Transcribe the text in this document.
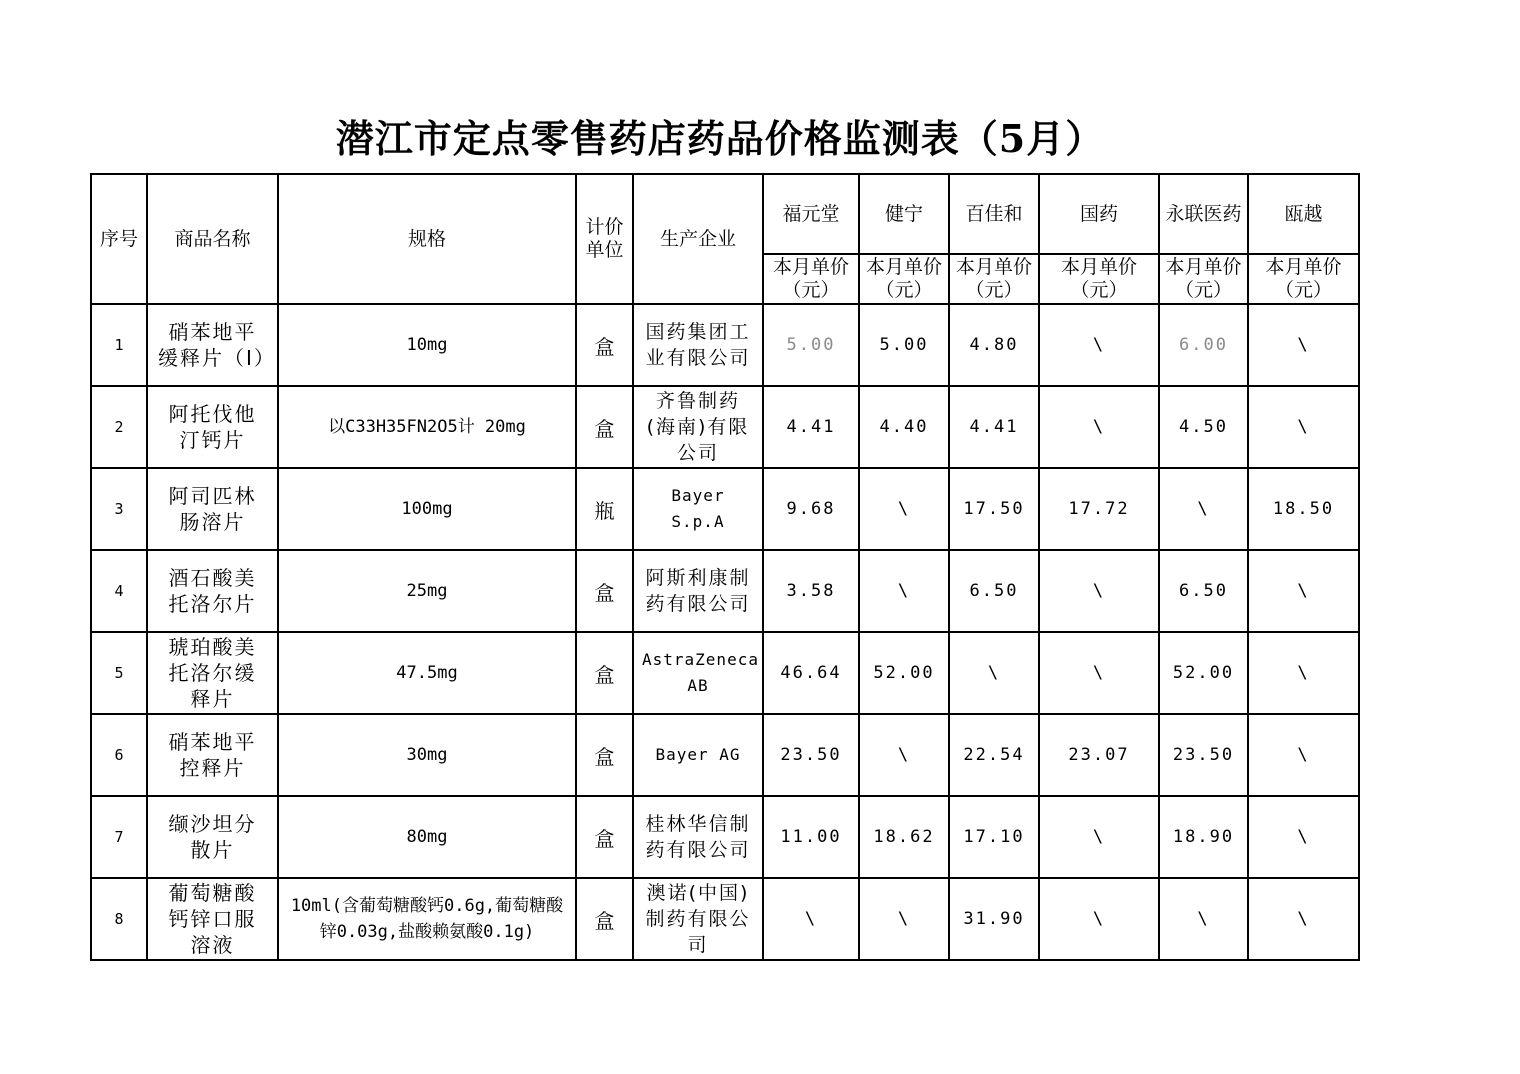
潜江市定点零售药店药品价格监测表（5月）
序号	商品名称	规格	计价单位	生产企业	福元堂	健宁	百佳和	国药	永联医药	瓯越
					本月单价（元）	本月单价（元）	本月单价（元）	本月单价（元）	本月单价（元）	本月单价（元）
1	硝苯地平缓释片（I）	10mg	盒	国药集团工业有限公司	5.00	5.00	4.80	\	6.00	\
2	阿托伐他汀钙片	以C33H35FN2O5计 20mg	盒	齐鲁制药(海南)有限公司	4.41	4.40	4.41	\	4.50	\
3	阿司匹林肠溶片	100mg	瓶	Bayer S.p.A	9.68	\	17.50	17.72	\	18.50
4	酒石酸美托洛尔片	25mg	盒	阿斯利康制药有限公司	3.58	\	6.50	\	6.50	\
5	琥珀酸美托洛尔缓释片	47.5mg	盒	AstraZeneca AB	46.64	52.00	\	\	52.00	\
6	硝苯地平控释片	30mg	盒	Bayer AG	23.50	\	22.54	23.07	23.50	\
7	缬沙坦分散片	80mg	盒	桂林华信制药有限公司	11.00	18.62	17.10	\	18.90	\
8	葡萄糖酸钙锌口服溶液	10ml(含葡萄糖酸钙0.6g,葡萄糖酸锌0.03g,盐酸赖氨酸0.1g)	盒	澳诺(中国)制药有限公司	\	\	31.90	\	\	\
